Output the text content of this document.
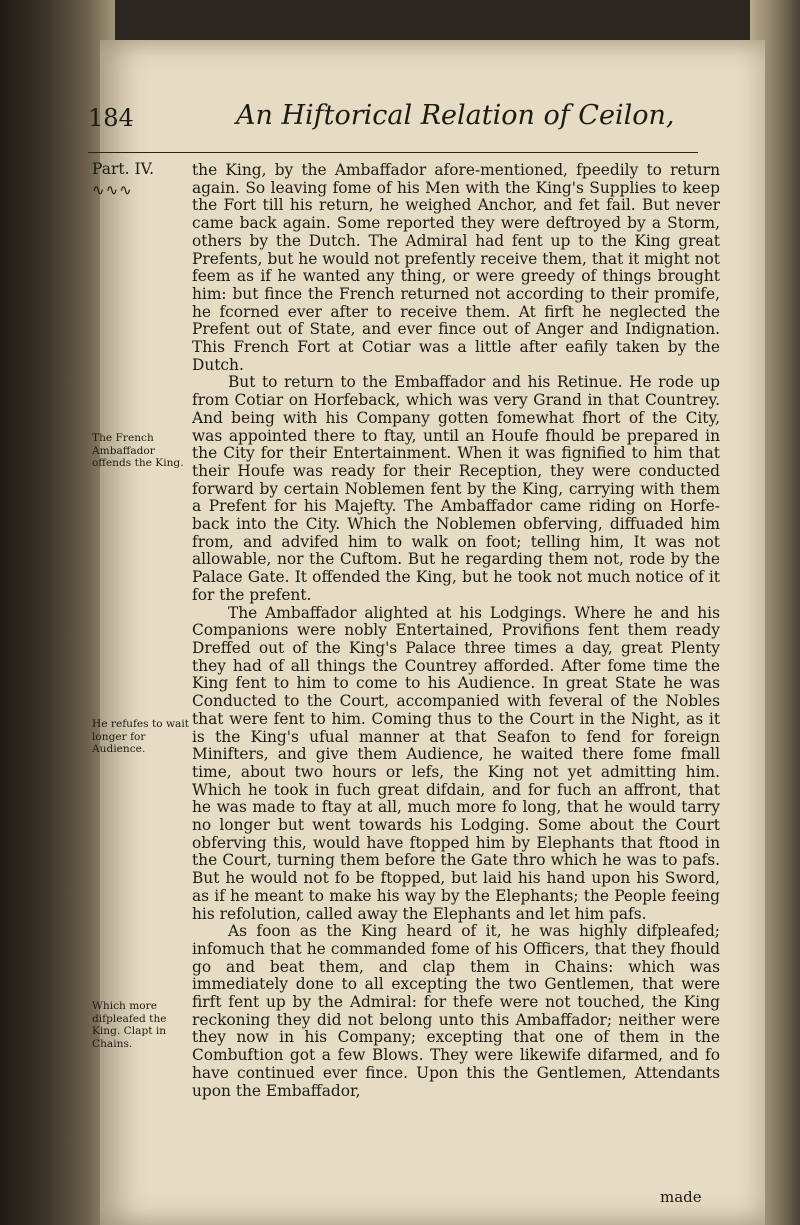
184	An Hiftorical Relation of Ceilon,
Part. IV.
∿∿∿
The French Ambaffador offends the King.
He refufes to wait longer for Audience.
Which more difpleafed the King. Clapt in Chains.

the King, by the Ambaffador afore-mentioned, fpeedily to return again. So leaving fome of his Men with the King's Supplies to keep the Fort till his return, he weighed Anchor, and fet fail. But never came back again. Some reported they were deftroyed by a Storm, others by the Dutch. The Admiral had fent up to the King great Prefents, but he would not prefently receive them, that it might not feem as if he wanted any thing, or were greedy of things brought him: but fince the French returned not according to their promife, he fcorned ever after to receive them. At firft he neglected the Prefent out of State, and ever fince out of Anger and Indignation. This French Fort at Cotiar was a little after eafily taken by the Dutch.

But to return to the Embaffador and his Retinue. He rode up from Cotiar on Horfeback, which was very Grand in that Countrey. And being with his Company gotten fomewhat fhort of the City, was appointed there to ftay, until an Houfe fhould be prepared in the City for their Entertainment. When it was fignified to him that their Houfe was ready for their Reception, they were conducted forward by certain Noblemen fent by the King, carrying with them a Prefent for his Majefty. The Ambaffador came riding on Horfe-back into the City. Which the Noblemen obferving, diffuaded him from, and advifed him to walk on foot; telling him, It was not allowable, nor the Cuftom. But he regarding them not, rode by the Palace Gate. It offended the King, but he took not much notice of it for the prefent.

The Ambaffador alighted at his Lodgings. Where he and his Companions were nobly Entertained, Provifions fent them ready Dreffed out of the King's Palace three times a day, great Plenty they had of all things the Countrey afforded. After fome time the King fent to him to come to his Audience. In great State he was Conducted to the Court, accompanied with feveral of the Nobles that were fent to him. Coming thus to the Court in the Night, as it is the King's ufual manner at that Seafon to fend for foreign Minifters, and give them Audience, he waited there fome fmall time, about two hours or lefs, the King not yet admitting him. Which he took in fuch great difdain, and for fuch an affront, that he was made to ftay at all, much more fo long, that he would tarry no longer but went towards his Lodging. Some about the Court obferving this, would have ftopped him by Elephants that ftood in the Court, turning them before the Gate thro which he was to pafs. But he would not fo be ftopped, but laid his hand upon his Sword, as if he meant to make his way by the Elephants; the People feeing his refolution, called away the Elephants and let him pafs.

As foon as the King heard of it, he was highly difpleafed; infomuch that he commanded fome of his Officers, that they fhould go and beat them, and clap them in Chains: which was immediately done to all excepting the two Gentlemen, that were firft fent up by the Admiral: for thefe were not touched, the King reckoning they did not belong unto this Ambaffador; neither were they now in his Company; excepting that one of them in the Combuftion got a few Blows. They were likewife difarmed, and fo have continued ever fince. Upon this the Gentlemen, Attendants upon the Embaffador,

made
